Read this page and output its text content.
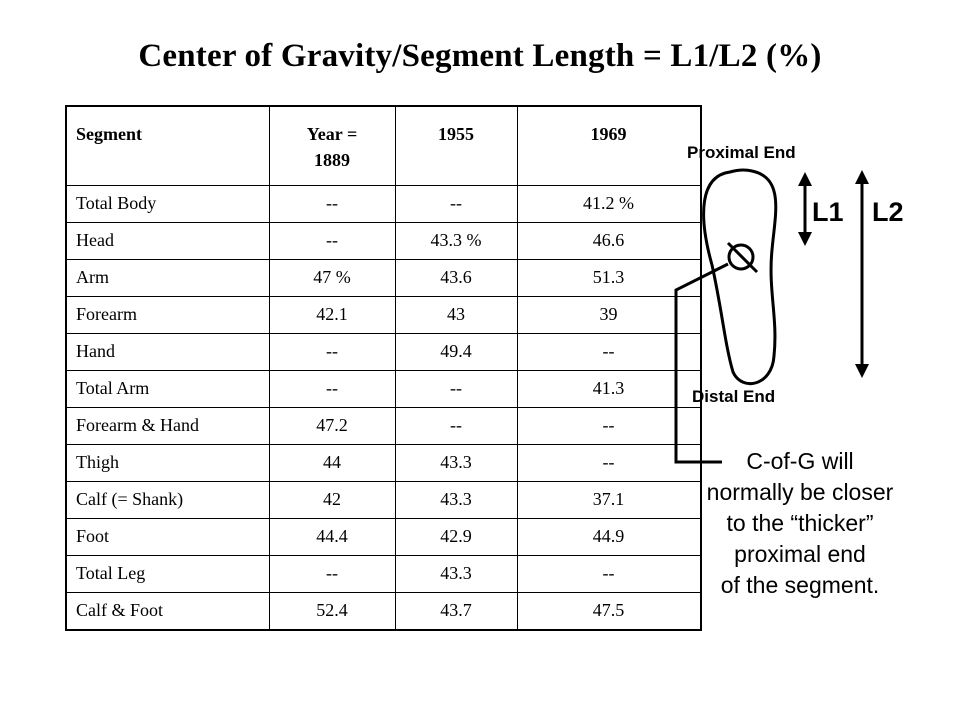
Center of Gravity/Segment Length = L1/L2 (%)
Segment	Year = 1889	1955	1969
Total Body	--	--	41.2 %
Head	--	43.3 %	46.6
Arm	47 %	43.6	51.3
Forearm	42.1	43	39
Hand	--	49.4	--
Total Arm	--	--	41.3
Forearm & Hand	47.2	--	--
Thigh	44	43.3	--
Calf (= Shank)	42	43.3	37.1
Foot	44.4	42.9	44.9
Total Leg	--	43.3	--
Calf & Foot	52.4	43.7	47.5
Proximal End
Distal End
L1 L2
C-of-G will
normally be closer
to the “thicker”
proximal end
of the segment.
